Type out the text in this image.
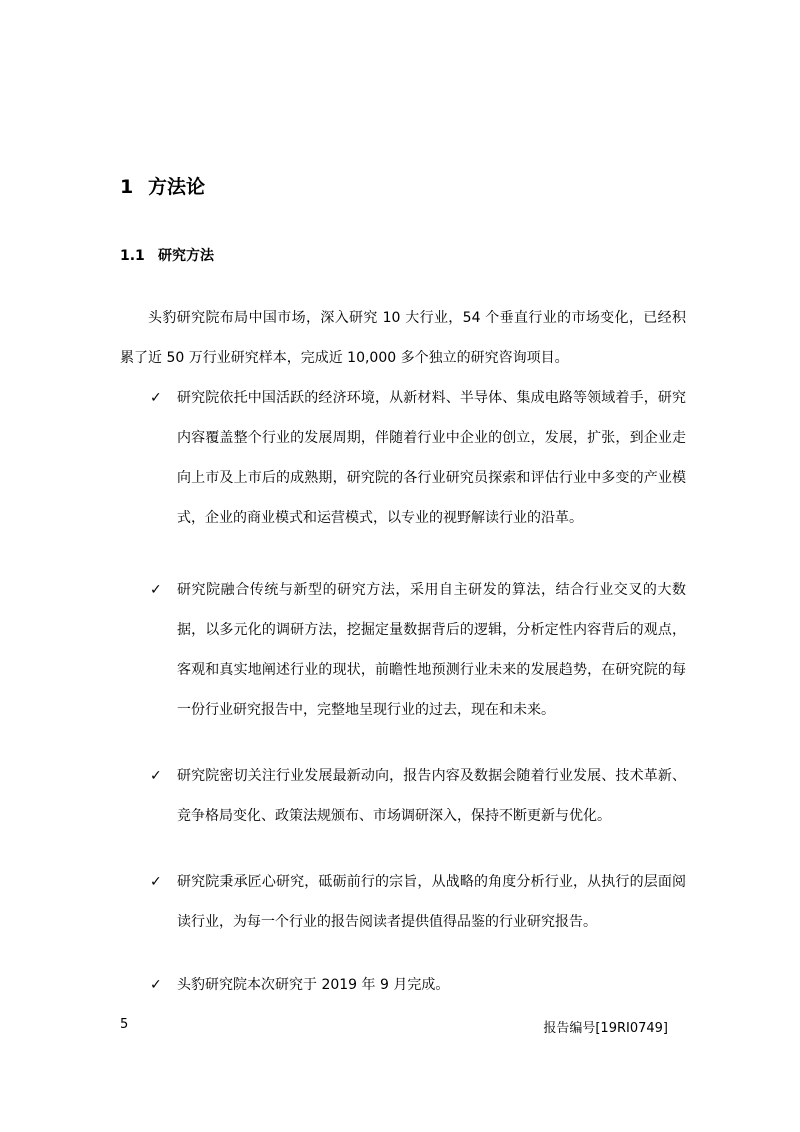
1 方法论
1.1 研究方法
头豹研究院布局中国市场，深入研究 10 大行业，54 个垂直行业的市场变化，已经积
累了近 50 万行业研究样本，完成近 10,000 多个独立的研究咨询项目。
✓	研究院依托中国活跃的经济环境，从新材料、半导体、集成电路等领域着手，研究内容覆盖整个行业的发展周期，伴随着行业中企业的创立，发展，扩张，到企业走向上市及上市后的成熟期，研究院的各行业研究员探索和评估行业中多变的产业模式，企业的商业模式和运营模式，以专业的视野解读行业的沿革。
✓	研究院融合传统与新型的研究方法，采用自主研发的算法，结合行业交叉的大数据，以多元化的调研方法，挖掘定量数据背后的逻辑，分析定性内容背后的观点，客观和真实地阐述行业的现状，前瞻性地预测行业未来的发展趋势，在研究院的每一份行业研究报告中，完整地呈现行业的过去，现在和未来。
✓	研究院密切关注行业发展最新动向，报告内容及数据会随着行业发展、技术革新、竞争格局变化、政策法规颁布、市场调研深入，保持不断更新与优化。
✓	研究院秉承匠心研究，砥砺前行的宗旨，从战略的角度分析行业，从执行的层面阅读行业，为每一个行业的报告阅读者提供值得品鉴的行业研究报告。
✓	头豹研究院本次研究于 2019 年 9 月完成。
5	报告编号[19RI0749]
